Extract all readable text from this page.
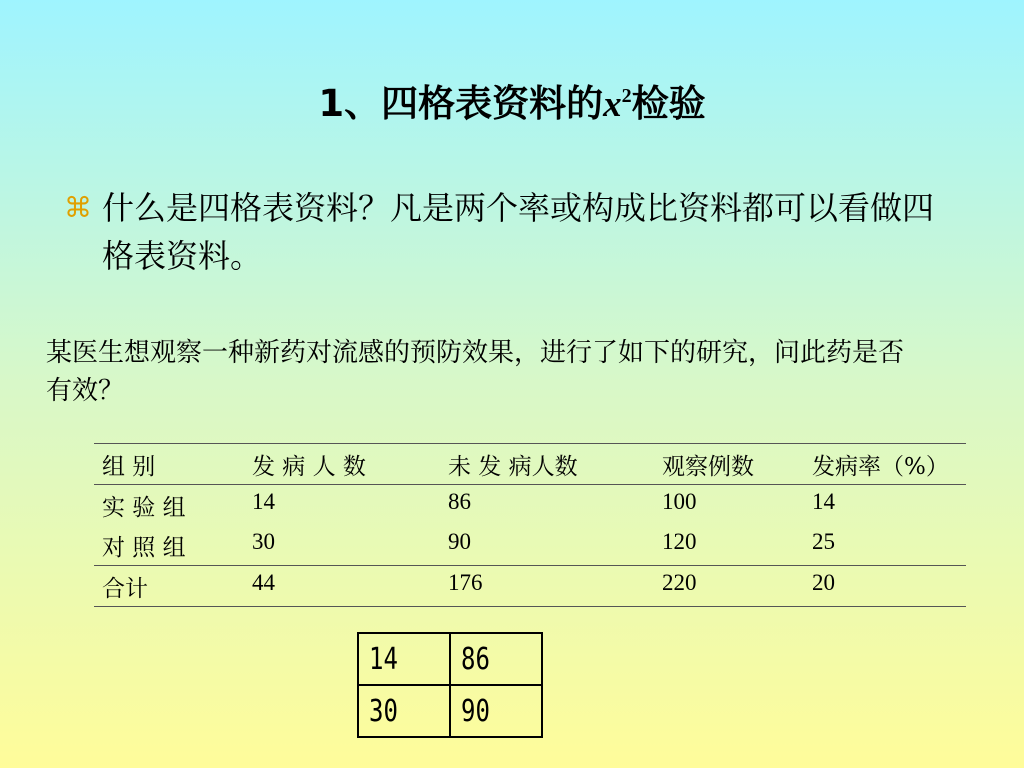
1、四格表资料的$x^2$检验
⌘ 什么是四格表资料？凡是两个率或构成比资料都可以看做四格表资料。

某医生想观察一种新药对流感的预防效果，进行了如下的研究，问此药是否有效？

组 别	发 病 人 数	未 发 病人数	观察例数	发病率（%）
实 验 组	14	86	100	14
对 照 组	30	90	120	25
合计	44	176	220	20
14	86
30	90
